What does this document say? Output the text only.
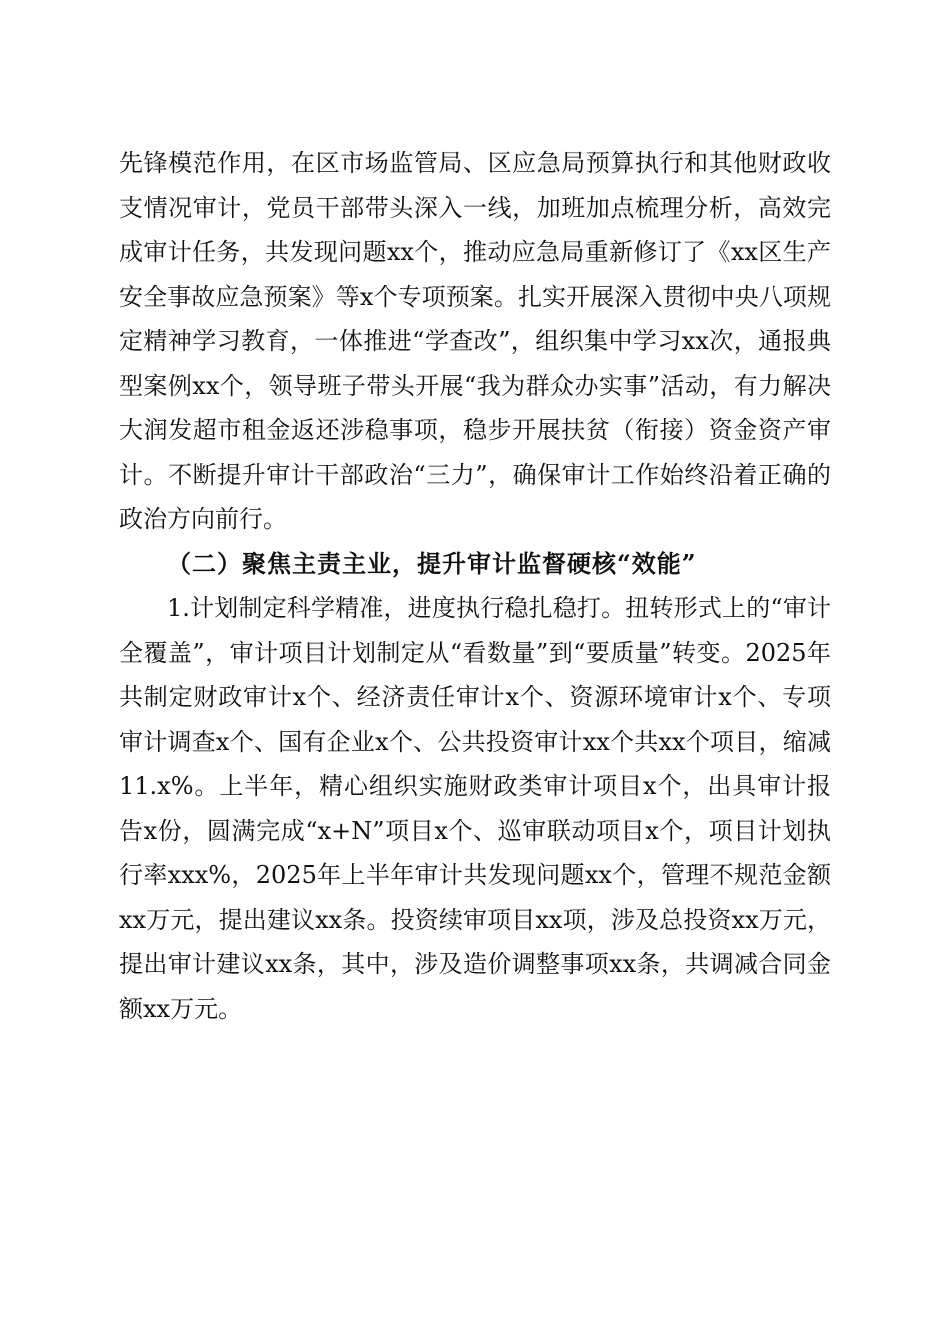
先锋模范作用，在区市场监管局、区应急局预算执行和其他财政收支情况审计，党员干部带头深入一线，加班加点梳理分析，高效完成审计任务，共发现问题xx个，推动应急局重新修订了《xx区生产安全事故应急预案》等x个专项预案。扎实开展深入贯彻中央八项规定精神学习教育，一体推进“学查改”，组织集中学习xx次，通报典型案例xx个，领导班子带头开展“我为群众办实事”活动，有力解决大润发超市租金返还涉稳事项，稳步开展扶贫（衔接）资金资产审计。不断提升审计干部政治“三力”，确保审计工作始终沿着正确的政治方向前行。

（二）聚焦主责主业，提升审计监督硬核“效能”

1.计划制定科学精准，进度执行稳扎稳打。扭转形式上的“审计全覆盖”，审计项目计划制定从“看数量”到“要质量”转变。2025年共制定财政审计x个、经济责任审计x个、资源环境审计x个、专项审计调查x个、国有企业x个、公共投资审计xx个共xx个项目，缩减11.x%。上半年，精心组织实施财政类审计项目x个，出具审计报告x份，圆满完成“x+N”项目x个、巡审联动项目x个，项目计划执行率xxx%，2025年上半年审计共发现问题xx个，管理不规范金额xx万元，提出建议xx条。投资续审项目xx项，涉及总投资xx万元，提出审计建议xx条，其中，涉及造价调整事项xx条，共调减合同金额xx万元。
